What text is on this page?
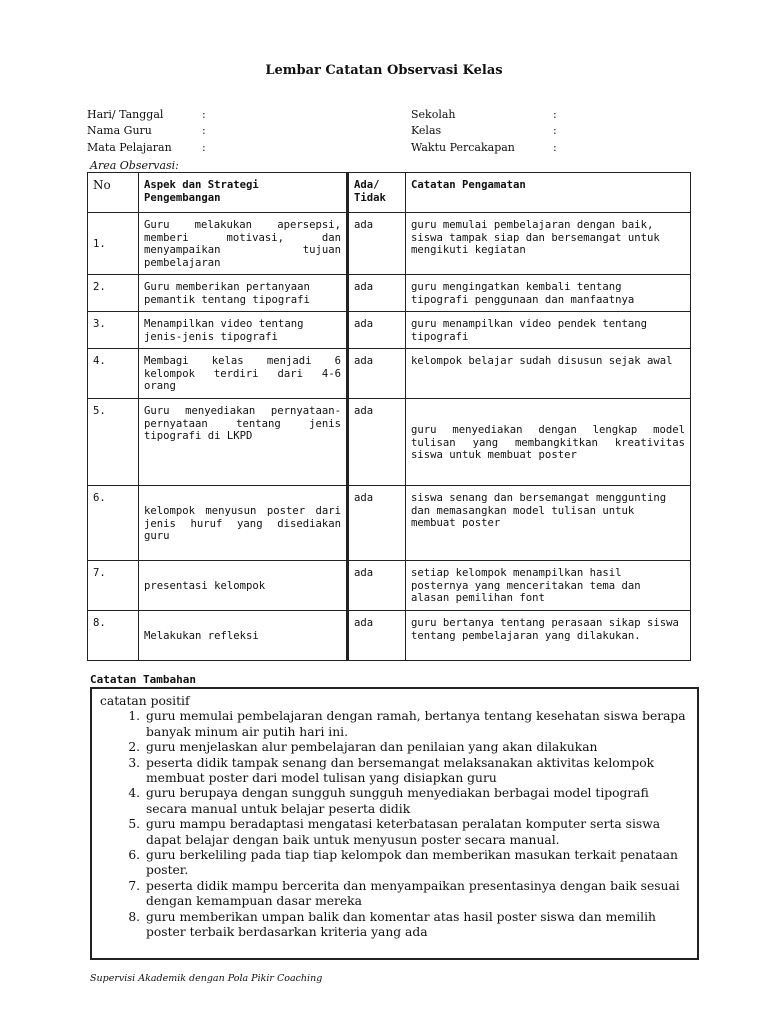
Lembar Catatan Observasi Kelas
Hari/ Tanggal	:
Nama Guru	:
Mata Pelajaran	:
Sekolah	:
Kelas	:
Waktu Percakapan	:
Area Observasi:
No	Aspek dan Strategi Pengembangan	Ada/ Tidak	Catatan Pengamatan
1.	Guru melakukan apersepsi, memberi motivasi, dan menyampaikan tujuan pembelajaran	ada	guru memulai pembelajaran dengan baik, siswa tampak siap dan bersemangat untuk mengikuti kegiatan
2.	Guru memberikan pertanyaan pemantik tentang tipografi	ada	guru mengingatkan kembali tentang tipografi penggunaan dan manfaatnya
3.	Menampilkan video tentang jenis-jenis tipografi	ada	guru menampilkan video pendek tentang tipografi
4.	Membagi kelas menjadi 6 kelompok terdiri dari 4-6 orang	ada	kelompok belajar sudah disusun sejak awal
5.	Guru menyediakan pernyataan-pernyataan tentang jenis tipografi di LKPD	ada	guru menyediakan dengan lengkap model tulisan yang membangkitkan kreativitas siswa untuk membuat poster
6.	kelompok menyusun poster dari jenis huruf yang disediakan guru	ada	siswa senang dan bersemangat menggunting dan memasangkan model tulisan untuk membuat poster
7.	presentasi kelompok	ada	setiap kelompok menampilkan hasil posternya yang menceritakan tema dan alasan pemilihan font
8.	Melakukan refleksi	ada	guru bertanya tentang perasaan sikap siswa tentang pembelajaran yang dilakukan.
Catatan Tambahan
catatan positif
1. guru memulai pembelajaran dengan ramah, bertanya tentang kesehatan siswa berapa banyak minum air putih hari ini.
2. guru menjelaskan alur pembelajaran dan penilaian yang akan dilakukan
3. peserta didik tampak senang dan bersemangat melaksanakan aktivitas kelompok membuat poster dari model tulisan yang disiapkan guru
4. guru berupaya dengan sungguh sungguh menyediakan berbagai model tipografi secara manual untuk belajar peserta didik
5. guru mampu beradaptasi mengatasi keterbatasan peralatan komputer serta siswa dapat belajar dengan baik untuk menyusun poster secara manual.
6. guru berkeliling pada tiap tiap kelompok dan memberikan masukan terkait penataan poster.
7. peserta didik mampu bercerita dan menyampaikan presentasinya dengan baik sesuai dengan kemampuan dasar mereka
8. guru memberikan umpan balik dan komentar atas hasil poster siswa dan memilih poster terbaik berdasarkan kriteria yang ada
Supervisi Akademik dengan Pola Pikir Coaching
